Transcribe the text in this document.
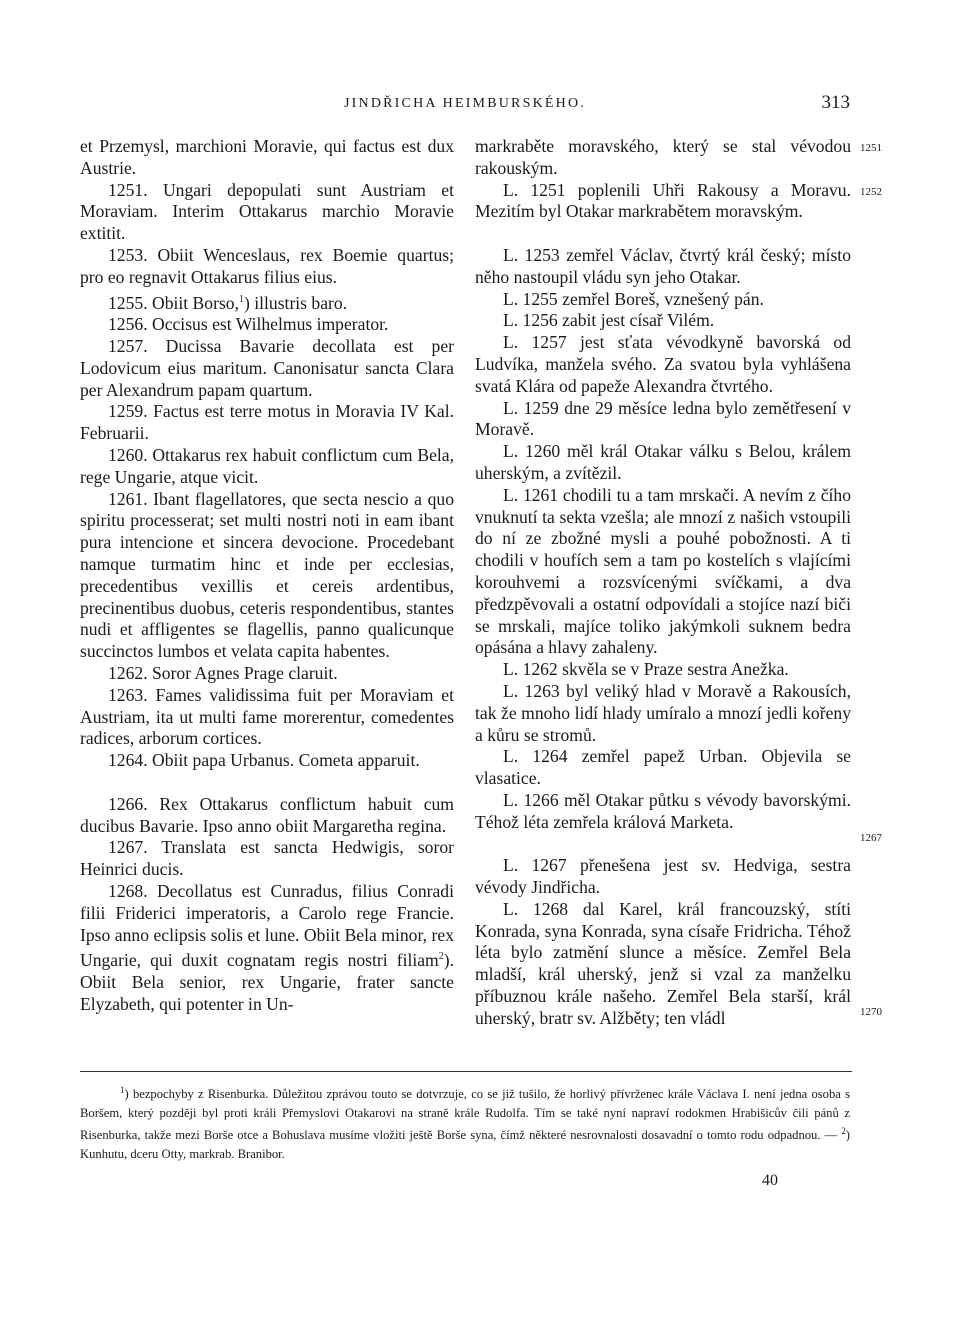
JINDŘICHA HEIMBURSKÉHO.	313

et Przemysl, marchioni Moravie, qui factus est dux Austrie.

1251. Ungari depopulati sunt Austriam et Moraviam. Interim Ottakarus marchio Moravie extitit.

1253. Obiit Wenceslaus, rex Boemie quartus; pro eo regnavit Ottakarus filius eius.

1255. Obiit Borso,$^1$) illustris baro.

1256. Occisus est Wilhelmus imperator.

1257. Ducissa Bavarie decollata est per Lodovicum eius maritum. Canonisatur sancta Clara per Alexandrum papam quartum.

1259. Factus est terre motus in Moravia IV Kal. Februarii.

1260. Ottakarus rex habuit conflictum cum Bela, rege Ungarie, atque vicit.

1261. Ibant flagellatores, que secta nescio a quo spiritu processerat; set multi nostri noti in eam ibant pura intencione et sincera devocione. Procedebant namque turmatim hinc et inde per ecclesias, precedentibus vexillis et cereis ardentibus, precinentibus duobus, ceteris respondentibus, stantes nudi et affligentes se flagellis, panno qualicunque succinctos lumbos et velata capita habentes.

1262. Soror Agnes Prage claruit.

1263. Fames validissima fuit per Moraviam et Austriam, ita ut multi fame morerentur, comedentes radices, arborum cortices.

1264. Obiit papa Urbanus. Cometa apparuit.

1266. Rex Ottakarus conflictum habuit cum ducibus Bavarie. Ipso anno obiit Margaretha regina.

1267. Translata est sancta Hedwigis, soror Heinrici ducis.

1268. Decollatus est Cunradus, filius Conradi filii Friderici imperatoris, a Carolo rege Francie. Ipso anno eclipsis solis et lune. Obiit Bela minor, rex Ungarie, qui duxit cognatam regis nostri filiam$^2$). Obiit Bela senior, rex Ungarie, frater sancte Elyzabeth, qui potenter in Un-

markraběte moravského, který se stal vévodou rakouským.

L. 1251 poplenili Uhři Rakousy a Moravu. Mezitím byl Otakar markrabětem moravským.

L. 1253 zemřel Václav, čtvrtý král český; místo něho nastoupil vládu syn jeho Otakar.

L. 1255 zemřel Boreš, vznešený pán.

L. 1256 zabit jest císař Vilém.

L. 1257 jest sťata vévodkyně bavorská od Ludvíka, manžela svého. Za svatou byla vyhlášena svatá Klára od papeže Alexandra čtvrtého.

L. 1259 dne 29 měsíce ledna bylo zemětřesení v Moravě.

L. 1260 měl král Otakar válku s Belou, králem uherským, a zvítězil.

L. 1261 chodili tu a tam mrskači. A nevím z čího vnuknutí ta sekta vzešla; ale mnozí z našich vstoupili do ní ze zbožné mysli a pouhé pobožnosti. A ti chodili v houfích sem a tam po kostelích s vlajícími korouhvemi a rozsvícenými svíčkami, a dva předzpěvovali a ostatní odpovídali a stojíce nazí biči se mrskali, majíce toliko jakýmkoli suknem bedra opásána a hlavy zahaleny.

L. 1262 skvěla se v Praze sestra Anežka.

L. 1263 byl veliký hlad v Moravě a Rakousích, tak že mnoho lidí hlady umíralo a mnozí jedli kořeny a kůru se stromů.

L. 1264 zemřel papež Urban. Objevila se vlasatice.

L. 1266 měl Otakar půtku s vévody bavorskými. Téhož léta zemřela králová Marketa.

L. 1267 přenešena jest sv. Hedviga, sestra vévody Jindřicha.

L. 1268 dal Karel, král francouzský, stíti Konrada, syna Konrada, syna císaře Fridricha. Téhož léta bylo zatmění slunce a měsíce. Zemřel Bela mladší, král uherský, jenž si vzal za manželku příbuznou krále našeho. Zemřel Bela starší, král uherský, bratr sv. Alžběty; ten vládl

1251
1252
1267
1270

$^1$) bezpochyby z Risenburka. Důležitou zprávou touto se dotvrzuje, co se již tušilo, že horlivý přívrženec krále Václava I. není jedna osoba s Boršem, který později byl proti králi Přemyslovi Otakarovi na straně krále Rudolfa. Tím se také nyní napraví rodokmen Hrabišicův čili pánů z Risenburka, takže mezi Borše otce a Bohuslava musíme vložiti ještě Borše syna, čímž některé nesrovnalosti dosavadní o tomto rodu odpadnou. — $^2$) Kunhutu, dceru Otty, markrab. Branibor.

40
